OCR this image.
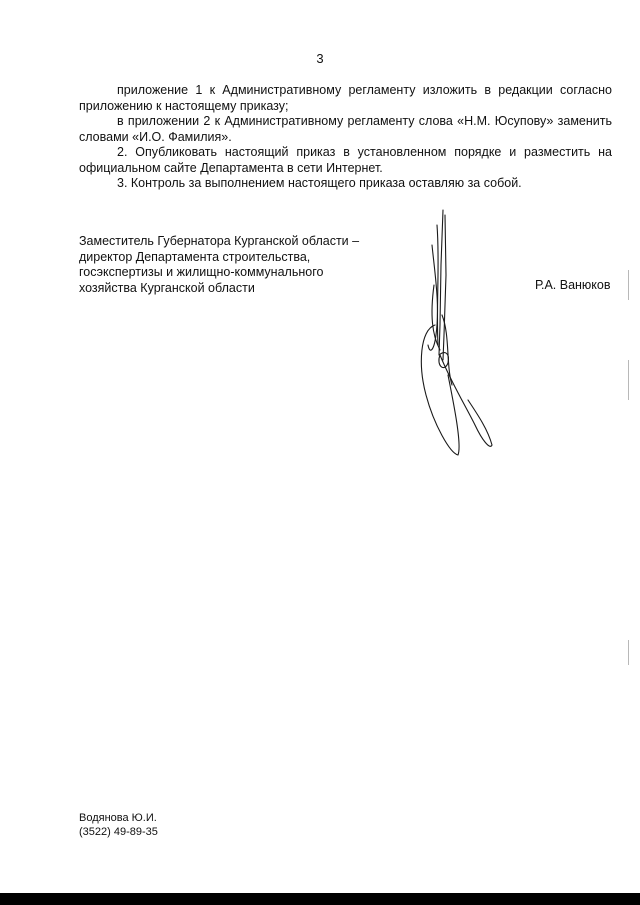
3

приложение 1 к Административному регламенту изложить в редакции согласно приложению к настоящему приказу;

в приложении 2 к Административному регламенту слова «Н.М. Юсупову» заменить словами «И.О. Фамилия».

2. Опубликовать настоящий приказ в установленном порядке и разместить на официальном сайте Департамента в сети Интернет.

3. Контроль за выполнением настоящего приказа оставляю за собой.

Заместитель Губернатора Курганской области –
директор Департамента строительства,
госэкспертизы и жилищно-коммунального
хозяйства Курганской области	Р.А. Ванюков
Водянова Ю.И.
(3522) 49-89-35
